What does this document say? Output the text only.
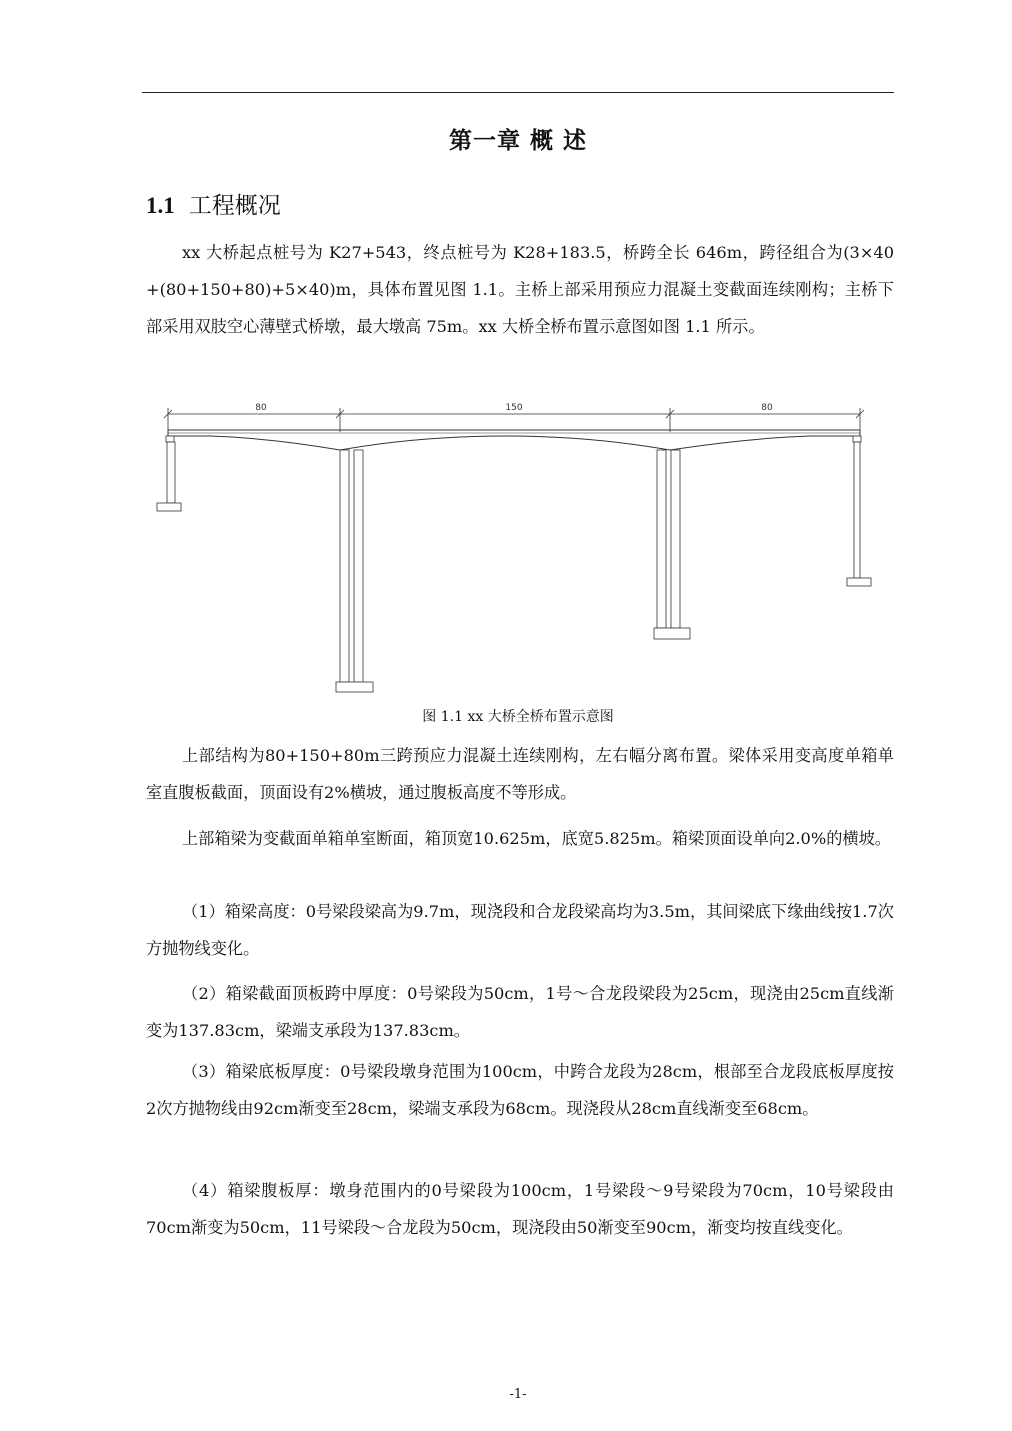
第一章 概 述
1.1 工程概况
xx 大桥起点桩号为 K27+543，终点桩号为 K28+183.5，桥跨全长 646m，跨径组合为(3×40 +(80+150+80)+5×40)m，具体布置见图 1.1。主桥上部采用预应力混凝土变截面连续刚构；主桥下部采用双肢空心薄壁式桥墩，最大墩高 75m。xx 大桥全桥布置示意图如图 1.1 所示。
80	150	80
图 1.1 xx 大桥全桥布置示意图
上部结构为80+150+80m三跨预应力混凝土连续刚构，左右幅分离布置。梁体采用变高度单箱单室直腹板截面，顶面设有2%横坡，通过腹板高度不等形成。
上部箱梁为变截面单箱单室断面，箱顶宽10.625m，底宽5.825m。箱梁顶面设单向2.0%的横坡。
（1）箱梁高度：0号梁段梁高为9.7m，现浇段和合龙段梁高均为3.5m，其间梁底下缘曲线按1.7次方抛物线变化。
（2）箱梁截面顶板跨中厚度：0号梁段为50cm，1号～合龙段梁段为25cm，现浇由25cm直线渐变为137.83cm，梁端支承段为137.83cm。
（3）箱梁底板厚度：0号梁段墩身范围为100cm，中跨合龙段为28cm，根部至合龙段底板厚度按2次方抛物线由92cm渐变至28cm，梁端支承段为68cm。现浇段从28cm直线渐变至68cm。
（4）箱梁腹板厚：墩身范围内的0号梁段为100cm，1号梁段～9号梁段为70cm，10号梁段由70cm渐变为50cm，11号梁段～合龙段为50cm，现浇段由50渐变至90cm，渐变均按直线变化。
-1-
